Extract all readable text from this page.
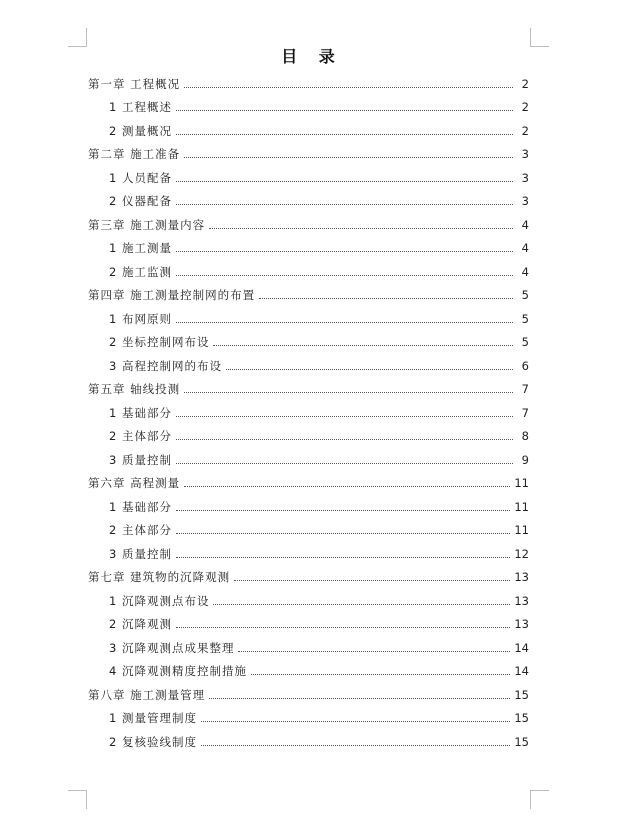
目 录
第一章 工程概况	2
1 工程概述	2
2 测量概况	2
第二章 施工准备	3
1 人员配备	3
2 仪器配备	3
第三章 施工测量内容	4
1 施工测量	4
2 施工监测	4
第四章 施工测量控制网的布置	5
1 布网原则	5
2 坐标控制网布设	5
3 高程控制网的布设	6
第五章 轴线投测	7
1 基础部分	7
2 主体部分	8
3 质量控制	9
第六章 高程测量	11
1 基础部分	11
2 主体部分	11
3 质量控制	12
第七章 建筑物的沉降观测	13
1 沉降观测点布设	13
2 沉降观测	13
3 沉降观测点成果整理	14
4 沉降观测精度控制措施	14
第八章 施工测量管理	15
1 测量管理制度	15
2 复核验线制度	15
